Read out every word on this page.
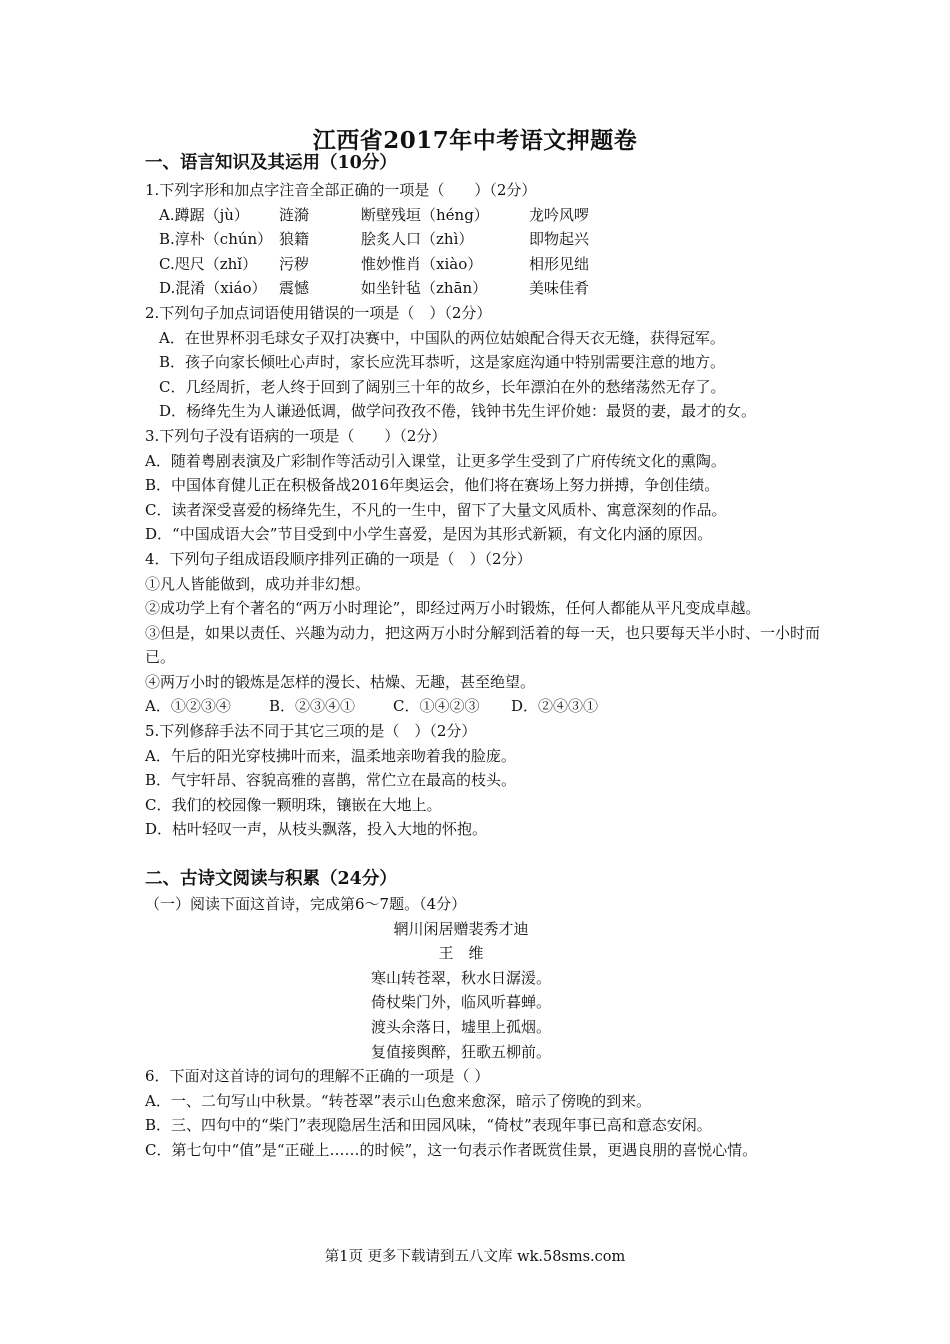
江西省2017年中考语文押题卷
一、语言知识及其运用（10分）
1.下列字形和加点字注音全部正确的一项是（　　）（2分）
A.蹲踞（jù） 涟漪	断壁残垣（héng）	龙吟风啰
B.淳朴（chún） 狼籍	脍炙人口（zhì）	即物起兴
C.咫尺（zhǐ） 污秽	惟妙惟肖（xiào）	相形见绌
D.混淆（xiáo） 震憾	如坐针毡（zhān）	美味佳肴
2.下列句子加点词语使用错误的一项是（　）（2分）
A．在世界杯羽毛球女子双打决赛中，中国队的两位姑娘配合得天衣无缝，获得冠军。
B．孩子向家长倾吐心声时，家长应洗耳恭听，这是家庭沟通中特别需要注意的地方。
C．几经周折，老人终于回到了阔别三十年的故乡，长年漂泊在外的愁绪荡然无存了。
D．杨绛先生为人谦逊低调，做学问孜孜不倦，钱钟书先生评价她：最贤的妻，最才的女。
3.下列句子没有语病的一项是（　　）（2分）
A．随着粤剧表演及广彩制作等活动引入课堂，让更多学生受到了广府传统文化的熏陶。
B．中国体育健儿正在积极备战2016年奥运会，他们将在赛场上努力拼搏，争创佳绩。
C．读者深受喜爱的杨绛先生，不凡的一生中，留下了大量文风质朴、寓意深刻的作品。
D．“中国成语大会”节目受到中小学生喜爱，是因为其形式新颖，有文化内涵的原因。
4．下列句子组成语段顺序排列正确的一项是（　）（2分）
①凡人皆能做到，成功并非幻想。
②成功学上有个著名的“两万小时理论”，即经过两万小时锻炼，任何人都能从平凡变成卓越。
③但是，如果以责任、兴趣为动力，把这两万小时分解到活着的每一天，也只要每天半小时、一小时而已。
④两万小时的锻炼是怎样的漫长、枯燥、无趣，甚至绝望。
A．①②③④	B．②③④①	C．①④②③ D．②④③①
5.下列修辞手法不同于其它三项的是（　）（2分）
A．午后的阳光穿枝拂叶而来，温柔地亲吻着我的脸庞。
B．气宇轩昂、容貌高雅的喜鹊，常伫立在最高的枝头。
C．我们的校园像一颗明珠，镶嵌在大地上。
D．枯叶轻叹一声，从枝头飘落，投入大地的怀抱。
二、古诗文阅读与积累（24分）
（一）阅读下面这首诗，完成第6～7题。（4分）
辋川闲居赠裴秀才迪
王　维
寒山转苍翠，秋水日潺湲。
倚杖柴门外，临风听暮蝉。
渡头余落日，墟里上孤烟。
复值接舆醉，狂歌五柳前。
6．下面对这首诗的词句的理解不正确的一项是（ ）
A．一、二句写山中秋景。“转苍翠”表示山色愈来愈深，暗示了傍晚的到来。
B．三、四句中的“柴门”表现隐居生活和田园风味，“倚杖”表现年事已高和意态安闲。
C．第七句中“值”是“正碰上……的时候”，这一句表示作者既赏佳景，更遇良朋的喜悦心情。
第1页 更多下载请到五八文库 wk.58sms.com
